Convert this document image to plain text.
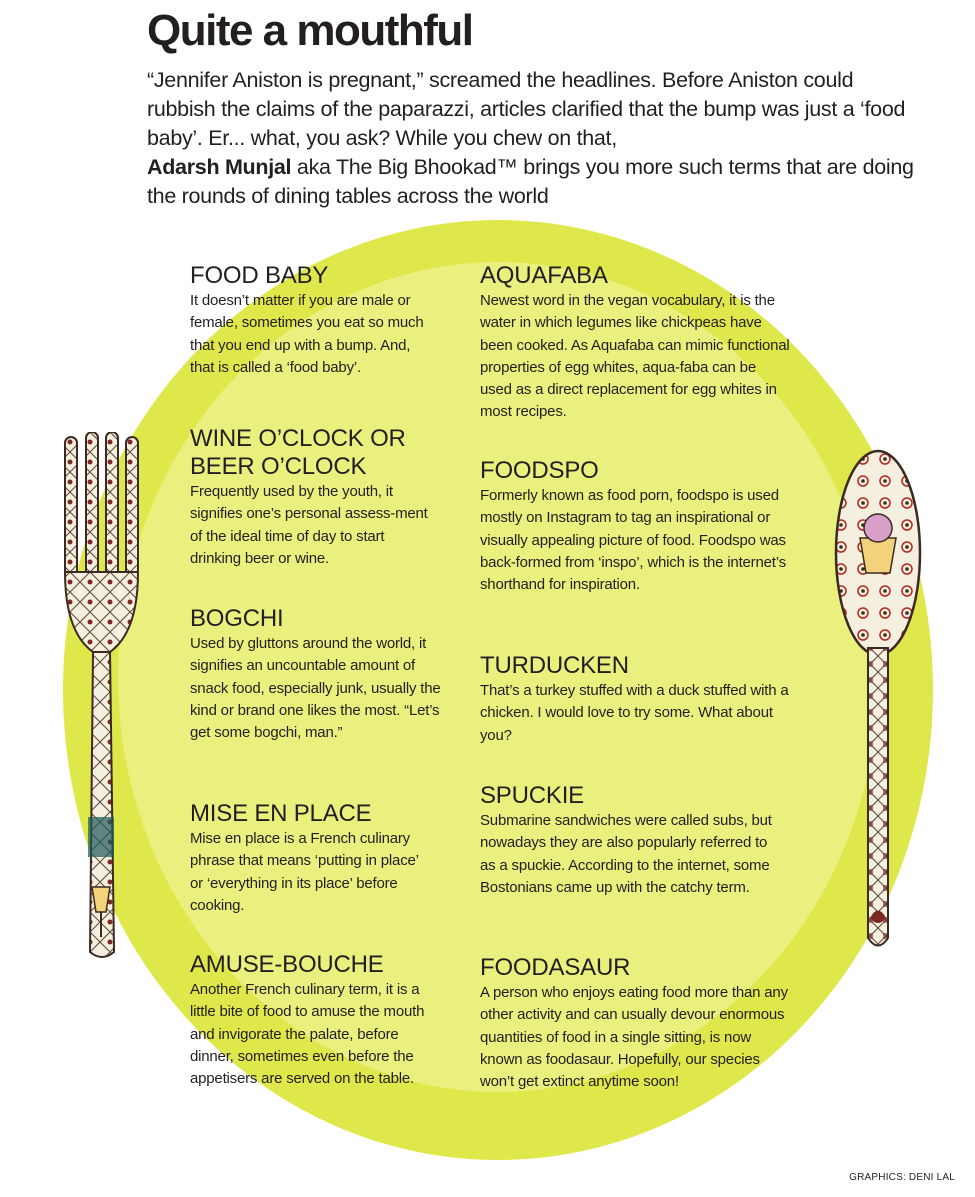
Quite a mouthful
“Jennifer Aniston is pregnant,” screamed the headlines. Before Aniston could rubbish the claims of the paparazzi, articles clarified that the bump was just a ‘food baby’. Er... what, you ask? While you chew on that,
Adarsh Munjal aka The Big Bhookad™ brings you more such terms that are doing the rounds of dining tables across the world
FOOD BABY

It doesn’t matter if you are male or female, sometimes you eat so much that you end up with a bump. And, that is called a ‘food baby’.

WINE O’CLOCK OR BEER O’CLOCK

Frequently used by the youth, it signifies one’s personal assess-ment of the ideal time of day to start drinking beer or wine.

BOGCHI

Used by gluttons around the world, it signifies an uncountable amount of snack food, especially junk, usually the kind or brand one likes the most. “Let’s get some bogchi, man.”

MISE EN PLACE

Mise en place is a French culinary phrase that means ‘putting in place’ or ‘everything in its place’ before cooking.

AMUSE-BOUCHE

Another French culinary term, it is a little bite of food to amuse the mouth and invigorate the palate, before dinner, sometimes even before the appetisers are served on the table.

AQUAFABA

Newest word in the vegan vocabulary, it is the water in which legumes like chickpeas have been cooked. As Aquafaba can mimic functional properties of egg whites, aqua-faba can be used as a direct replacement for egg whites in most recipes.

FOODSPO

Formerly known as food porn, foodspo is used mostly on Instagram to tag an inspirational or visually appealing picture of food. Foodspo was back-formed from ‘inspo’, which is the internet’s shorthand for inspiration.

TURDUCKEN

That’s a turkey stuffed with a duck stuffed with a chicken. I would love to try some. What about you?

SPUCKIE

Submarine sandwiches were called subs, but nowadays they are also popularly referred to as a spuckie. According to the internet, some Bostonians came up with the catchy term.

FOODASAUR

A person who enjoys eating food more than any other activity and can usually devour enormous quantities of food in a single sitting, is now known as foodasaur. Hopefully, our species won’t get extinct anytime soon!

GRAPHICS: DENI LAL
